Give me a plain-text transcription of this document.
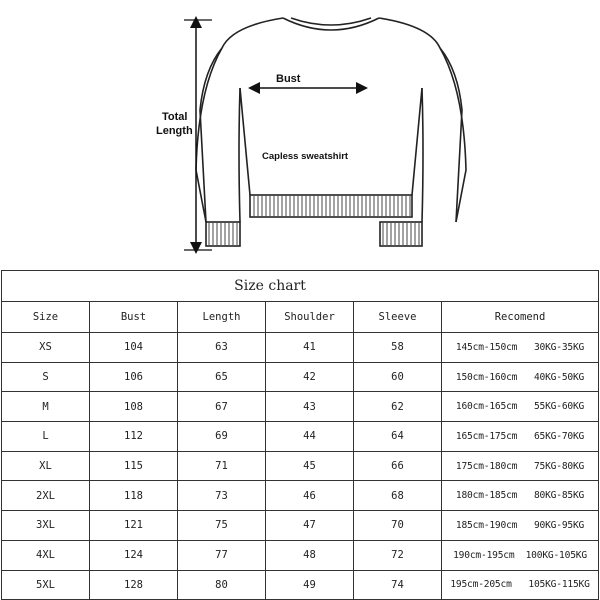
Bust
Total
Length
Capless sweatshirt
Size chart					
Size	Bust	Length	Shoulder	Sleeve	Recomend
XS	104	63	41	58	145cm-150cm   30KG-35KG
S	106	65	42	60	150cm-160cm   40KG-50KG
M	108	67	43	62	160cm-165cm   55KG-60KG
L	112	69	44	64	165cm-175cm   65KG-70KG
XL	115	71	45	66	175cm-180cm   75KG-80KG
2XL	118	73	46	68	180cm-185cm   80KG-85KG
3XL	121	75	47	70	185cm-190cm   90KG-95KG
4XL	124	77	48	72	190cm-195cm  100KG-105KG
5XL	128	80	49	74	195cm-205cm   105KG-115KG
